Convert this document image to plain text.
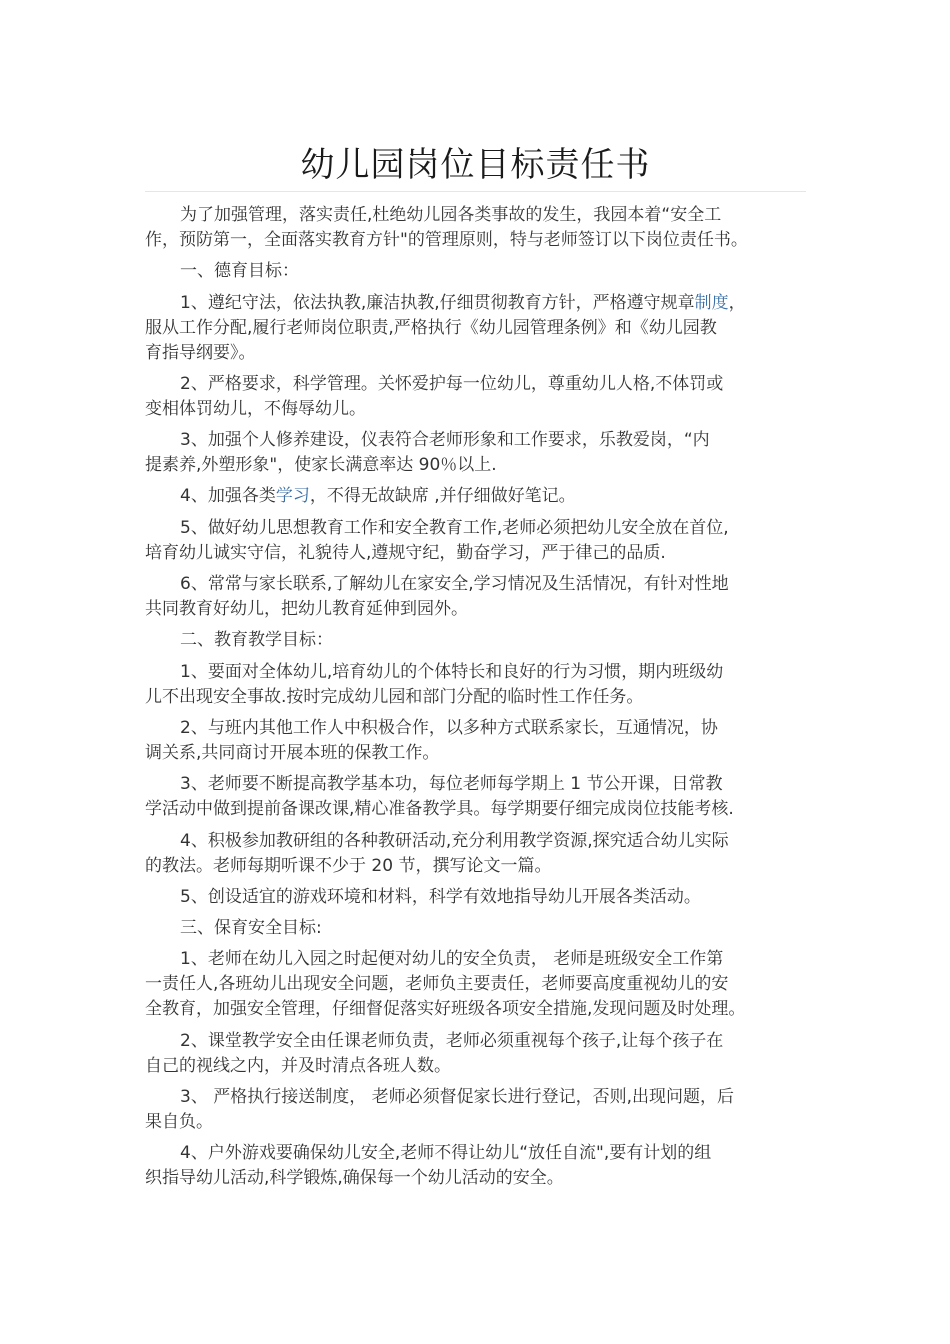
幼儿园岗位目标责任书

为了加强管理，落实责任,杜绝幼儿园各类事故的发生，我园本着“安全工
作，预防第一，全面落实教育方针"的管理原则，特与老师签订以下岗位责任书。

一、德育目标：

1、遵纪守法，依法执教,廉洁执教,仔细贯彻教育方针，严格遵守规章制度，
服从工作分配,履行老师岗位职责,严格执行《幼儿园管理条例》和《幼儿园教
育指导纲要》。

2、严格要求，科学管理。关怀爱护每一位幼儿，尊重幼儿人格,不体罚或
变相体罚幼儿，不侮辱幼儿。

3、加强个人修养建设，仪表符合老师形象和工作要求，乐教爱岗，“内
提素养,外塑形象"，使家长满意率达 90％以上.

4、加强各类学习，不得无故缺席 ,并仔细做好笔记。

5、做好幼儿思想教育工作和安全教育工作,老师必须把幼儿安全放在首位,
培育幼儿诚实守信，礼貌待人,遵规守纪，勤奋学习，严于律己的品质.

6、常常与家长联系,了解幼儿在家安全,学习情况及生活情况，有针对性地
共同教育好幼儿，把幼儿教育延伸到园外。

二、教育教学目标：

1、要面对全体幼儿,培育幼儿的个体特长和良好的行为习惯，期内班级幼
儿不出现安全事故.按时完成幼儿园和部门分配的临时性工作任务。

2、与班内其他工作人中积极合作，以多种方式联系家长，互通情况，协
调关系,共同商讨开展本班的保教工作。

3、老师要不断提高教学基本功，每位老师每学期上 1 节公开课，日常教
学活动中做到提前备课改课,精心准备教学具。每学期要仔细完成岗位技能考核.

4、积极参加教研组的各种教研活动,充分利用教学资源,探究适合幼儿实际
的教法。老师每期听课不少于 20 节，撰写论文一篇。

5、创设适宜的游戏环境和材料，科学有效地指导幼儿开展各类活动。

三、保育安全目标:

1、老师在幼儿入园之时起便对幼儿的安全负责， 老师是班级安全工作第
一责任人,各班幼儿出现安全问题，老师负主要责任，老师要高度重视幼儿的安
全教育，加强安全管理，仔细督促落实好班级各项安全措施,发现问题及时处理。

2、课堂教学安全由任课老师负责，老师必须重视每个孩子,让每个孩子在
自己的视线之内，并及时清点各班人数。

3、 严格执行接送制度， 老师必须督促家长进行登记，否则,出现问题，后
果自负。

4、户外游戏要确保幼儿安全,老师不得让幼儿“放任自流",要有计划的组
织指导幼儿活动,科学锻炼,确保每一个幼儿活动的安全。
